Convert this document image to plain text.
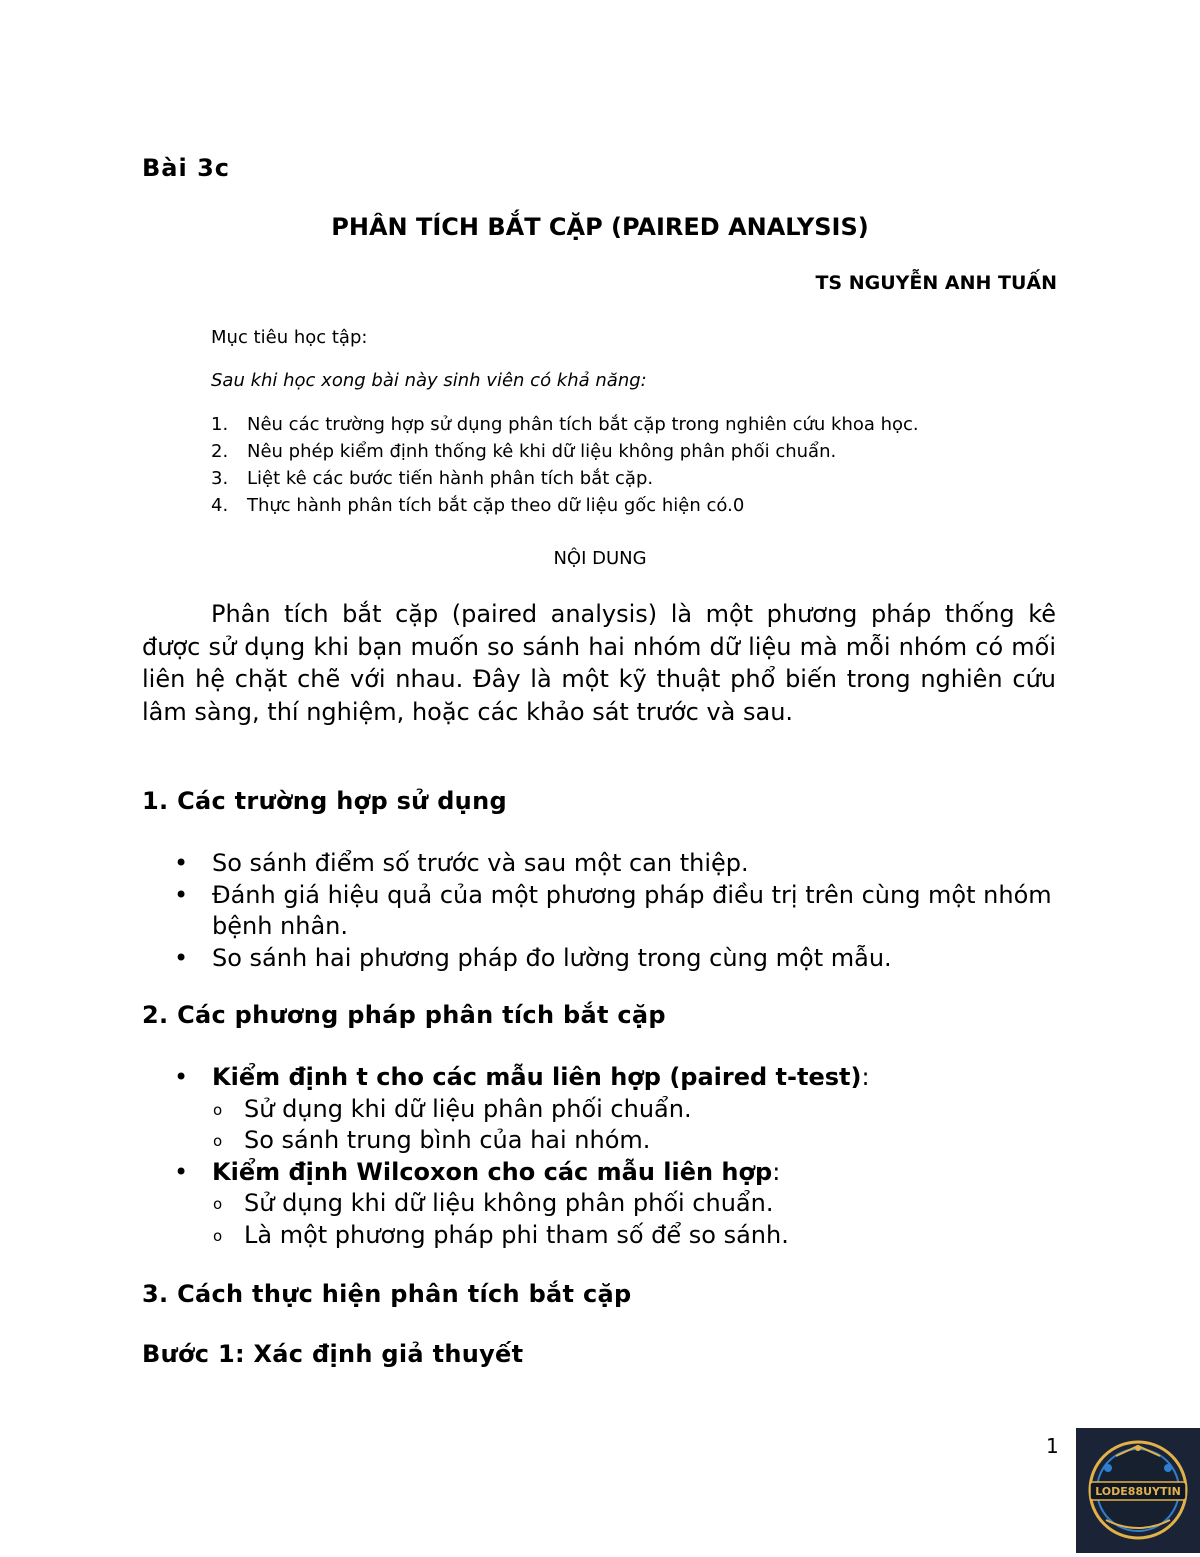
Bài 3c

PHÂN TÍCH BẮT CẶP (PAIRED ANALYSIS)
TS NGUYỄN ANH TUẤN
Mục tiêu học tập:
Sau khi học xong bài này sinh viên có khả năng:
1.	Nêu các trường hợp sử dụng phân tích bắt cặp trong nghiên cứu khoa học.
2.	Nêu phép kiểm định thống kê khi dữ liệu không phân phối chuẩn.
3.	Liệt kê các bước tiến hành phân tích bắt cặp.
4.	Thực hành phân tích bắt cặp theo dữ liệu gốc hiện có.0
NỘI DUNG

Phân tích bắt cặp (paired analysis) là một phương pháp thống kê được sử dụng khi bạn muốn so sánh hai nhóm dữ liệu mà mỗi nhóm có mối liên hệ chặt chẽ với nhau. Đây là một kỹ thuật phổ biến trong nghiên cứu lâm sàng, thí nghiệm, hoặc các khảo sát trước và sau.

1. Các trường hợp sử dụng
• So sánh điểm số trước và sau một can thiệp.
• Đánh giá hiệu quả của một phương pháp điều trị trên cùng một nhóm bệnh nhân.
• So sánh hai phương pháp đo lường trong cùng một mẫu.
2. Các phương pháp phân tích bắt cặp
• Kiểm định t cho các mẫu liên hợp (paired t-test):
o Sử dụng khi dữ liệu phân phối chuẩn.
o So sánh trung bình của hai nhóm.
• Kiểm định Wilcoxon cho các mẫu liên hợp:
o Sử dụng khi dữ liệu không phân phối chuẩn.
o Là một phương pháp phi tham số để so sánh.
3. Cách thực hiện phân tích bắt cặp
Bước 1: Xác định giả thuyết
1
LODE88UYTIN
